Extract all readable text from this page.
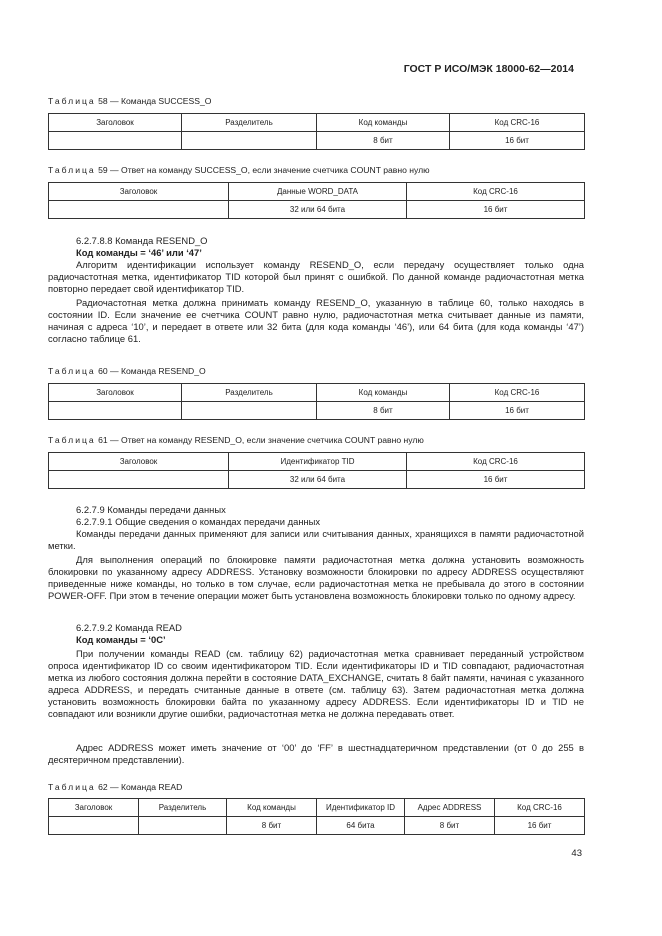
ГОСТ Р ИСО/МЭК 18000-62—2014
Таблица 58 — Команда SUCCESS_O
Заголовок	Разделитель	Код команды	Код CRC-16
		8 бит	16 бит
Таблица 59 — Ответ на команду SUCCESS_O, если значение счетчика COUNT равно нулю
Заголовок	Данные WORD_DATA	Код CRC-16
	32 или 64 бита	16 бит
6.2.7.8.8 Команда RESEND_O
Код команды = ‘46’ или ‘47’
Алгоритм идентификации использует команду RESEND_O, если передачу осуществляет только одна радиочастотная метка, идентификатор TID которой был принят с ошибкой. По данной команде радиочастотная метка повторно передает свой идентификатор TID.
Радиочастотная метка должна принимать команду RESEND_O, указанную в таблице 60, только находясь в состоянии ID. Если значение ее счетчика COUNT равно нулю, радиочастотная метка считывает данные из памяти, начиная с адреса ‘10’, и передает в ответе или 32 бита (для кода команды ‘46’), или 64 бита (для кода команды ‘47’) согласно таблице 61.
Таблица 60 — Команда RESEND_O
Заголовок	Разделитель	Код команды	Код CRC-16
		8 бит	16 бит
Таблица 61 — Ответ на команду RESEND_O, если значение счетчика COUNT равно нулю
Заголовок	Идентификатор TID	Код CRC-16
	32 или 64 бита	16 бит
6.2.7.9 Команды передачи данных
6.2.7.9.1 Общие сведения о командах передачи данных
Команды передачи данных применяют для записи или считывания данных, хранящихся в памяти радиочастотной метки.
Для выполнения операций по блокировке памяти радиочастотная метка должна установить возможность блокировки по указанному адресу ADDRESS. Установку возможности блокировки по адресу ADDRESS осуществляют приведенные ниже команды, но только в том случае, если радиочастотная метка не пребывала до этого в состоянии POWER-OFF. При этом в течение операции может быть установлена возможность блокировки только по одному адресу.
6.2.7.9.2 Команда READ
Код команды = ‘0C’
При получении команды READ (см. таблицу 62) радиочастотная метка сравнивает переданный устройством опроса идентификатор ID со своим идентификатором TID. Если идентификаторы ID и TID совпадают, радиочастотная метка из любого состояния должна перейти в состояние DATA_EXCHANGE, считать 8 байт памяти, начиная с указанного адреса ADDRESS, и передать считанные данные в ответе (см. таблицу 63). Затем радиочастотная метка должна установить возможность блокировки байта по указанному адресу ADDRESS. Если идентификаторы ID и TID не совпадают или возникли другие ошибки, радиочастотная метка не должна передавать ответ.
Адрес ADDRESS может иметь значение от ‘00’ до ‘FF’ в шестнадцатеричном представлении (от 0 до 255 в десятеричном представлении).
Таблица 62 — Команда READ
Заголовок	Разделитель	Код команды	Идентификатор ID	Адрес ADDRESS	Код CRC-16
		8 бит	64 бита	8 бит	16 бит
43
